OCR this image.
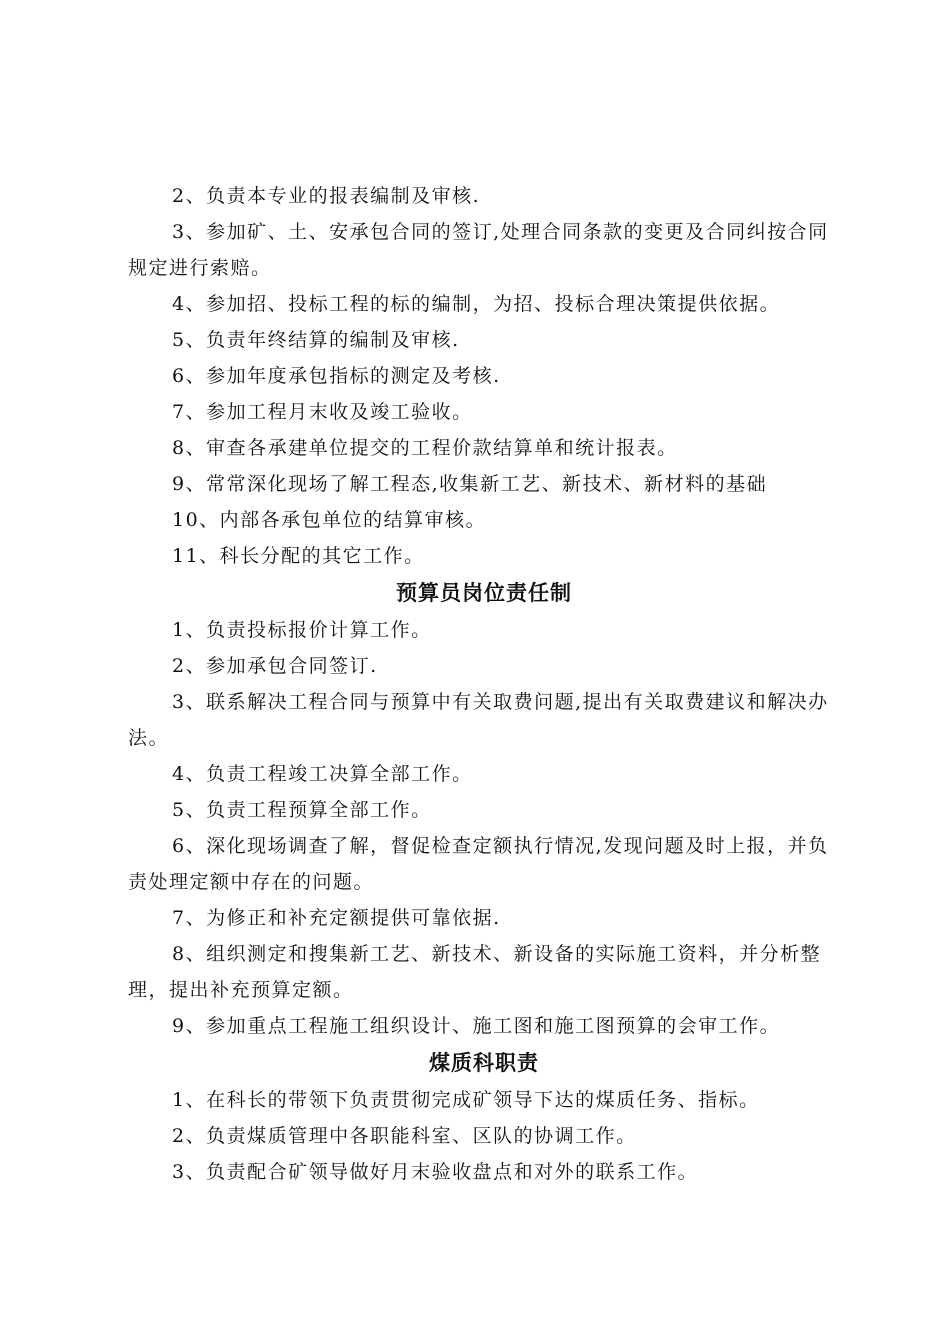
2、负责本专业的报表编制及审核.

3、参加矿、土、安承包合同的签订,处理合同条款的变更及合同纠按合同规定进行索赔。

4、参加招、投标工程的标的编制，为招、投标合理决策提供依据。

5、负责年终结算的编制及审核.

6、参加年度承包指标的测定及考核.

7、参加工程月末收及竣工验收。

8、审查各承建单位提交的工程价款结算单和统计报表。

9、常常深化现场了解工程态,收集新工艺、新技术、新材料的基础

10、内部各承包单位的结算审核。

11、科长分配的其它工作。

预算员岗位责任制

1、负责投标报价计算工作。

2、参加承包合同签订.

3、联系解决工程合同与预算中有关取费问题,提出有关取费建议和解决办法。

4、负责工程竣工决算全部工作。

5、负责工程预算全部工作。

6、深化现场调查了解，督促检查定额执行情况,发现问题及时上报，并负责处理定额中存在的问题。

7、为修正和补充定额提供可靠依据.

8、组织测定和搜集新工艺、新技术、新设备的实际施工资料，并分析整理，提出补充预算定额。

9、参加重点工程施工组织设计、施工图和施工图预算的会审工作。

煤质科职责

1、在科长的带领下负责贯彻完成矿领导下达的煤质任务、指标。

2、负责煤质管理中各职能科室、区队的协调工作。

3、负责配合矿领导做好月末验收盘点和对外的联系工作。
